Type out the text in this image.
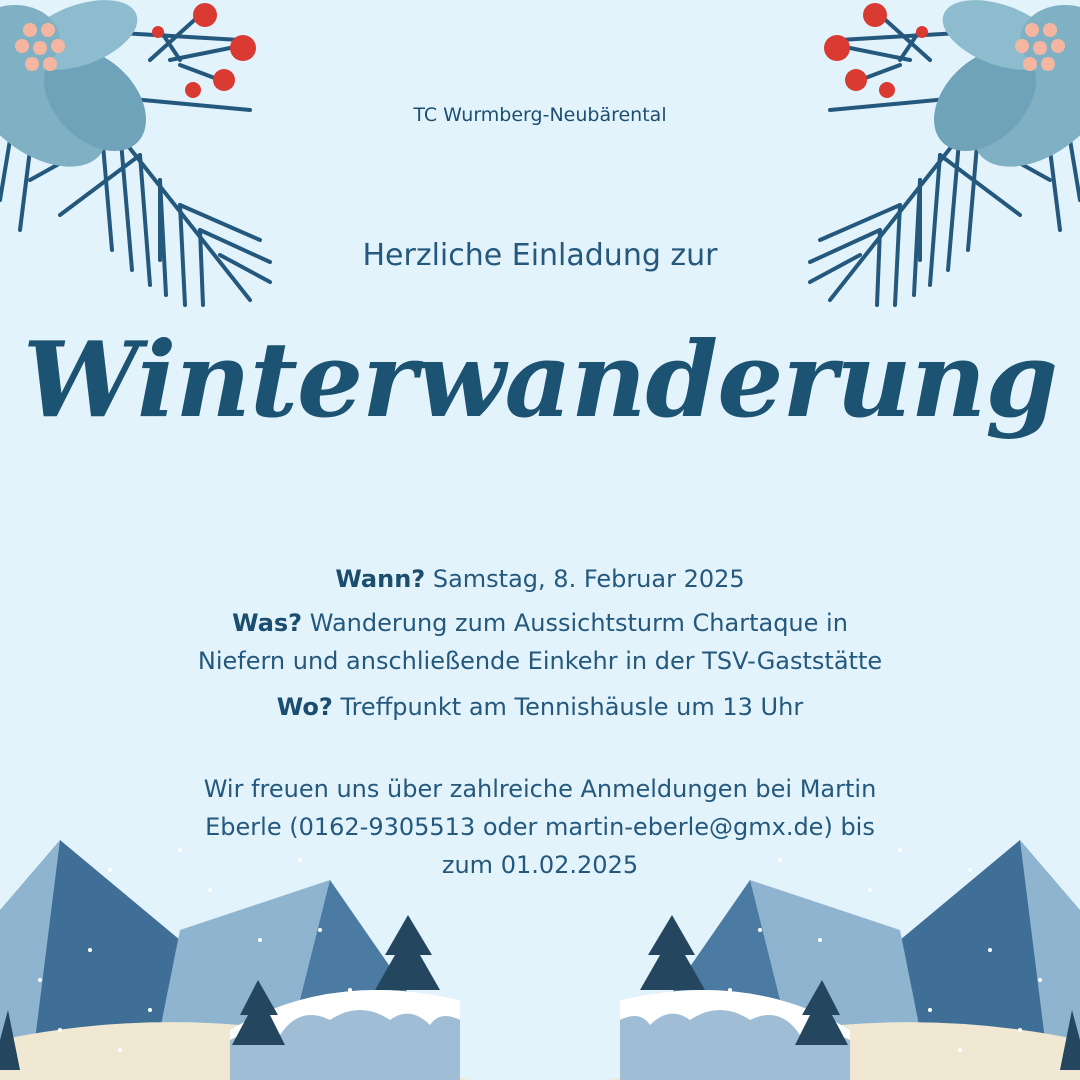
TC Wurmberg-Neubärental
Herzliche Einladung zur
Winterwanderung
Wann? Samstag, 8. Februar 2025
Was? Wanderung zum Aussichtsturm Chartaque in
Niefern und anschließende Einkehr in der TSV-Gaststätte
Wo? Treffpunkt am Tennishäusle um 13 Uhr
Wir freuen uns über zahlreiche Anmeldungen bei Martin
Eberle (0162-9305513 oder martin-eberle@gmx.de) bis
zum 01.02.2025
